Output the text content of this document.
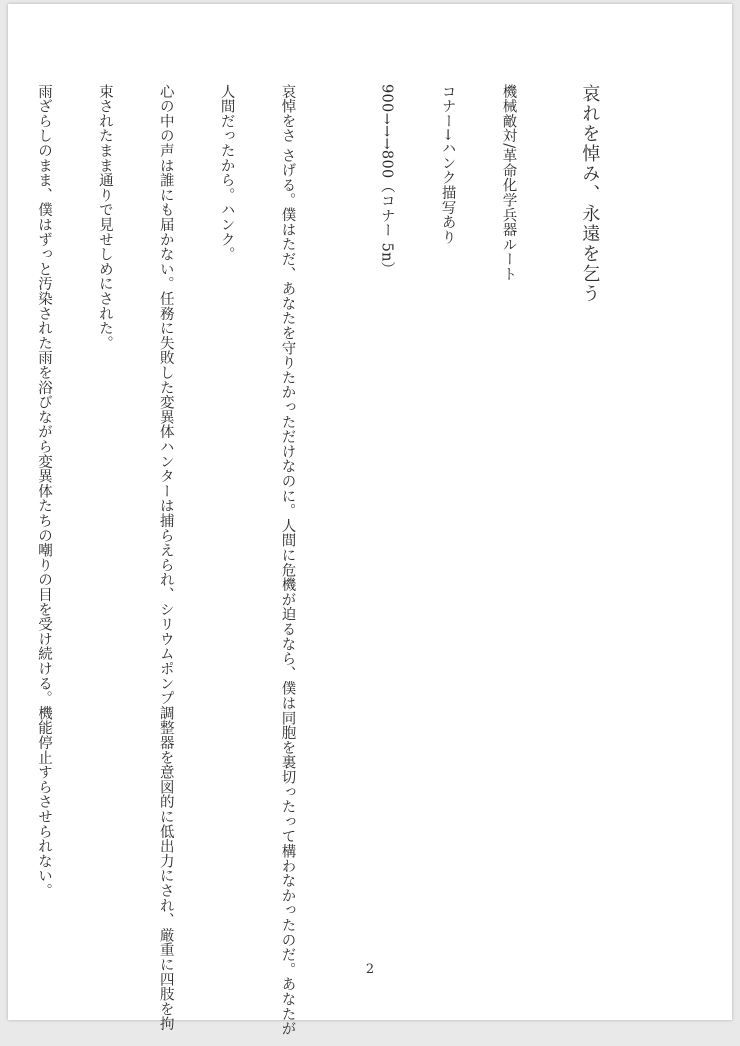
哀れを悼み、永遠を乞う

機械敵対/革命化学兵器ルート

コナー→ハンク描写あり

900→→→800（コナー 5n）

哀悼をさ さげる。僕はただ、あなたを守りたかっただけなのに。人間に危機が迫るなら、僕は同胞を裏切ったって構わなかったのだ。あなたが

人間だったから。ハンク。

心の中の声は誰にも届かない。任務に失敗した変異体ハンターは捕らえられ、シリウムポンプ調整器を意図的に低出力にされ、厳重に四肢を拘

束されたまま通りで見せしめにされた。

雨ざらしのまま、僕はずっと汚染された雨を浴びながら変異体たちの嘲りの目を受け続ける。機能停止すらさせられない。

2
